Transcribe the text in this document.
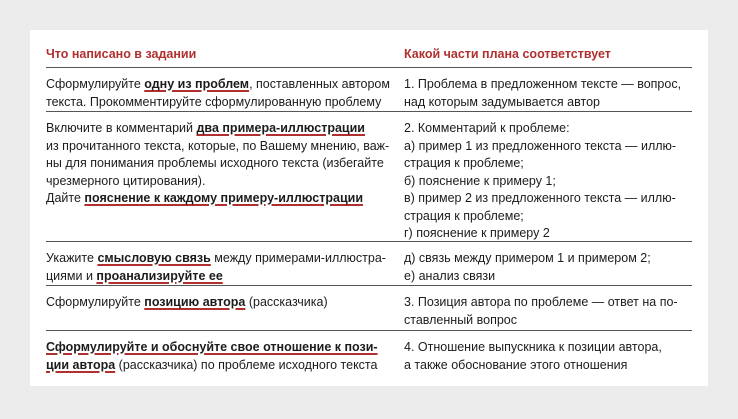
Что написано в задании	Какой части плана соответствует
Сформулируйте одну из проблем, поставленных автором
текста. Прокомментируйте сформулированную проблему
1. Проблема в предложенном тексте — вопрос,
над которым задумывается автор
Включите в комментарий два примера-иллюстрации
из прочитанного текста, которые, по Вашему мнению, важ-
ны для понимания проблемы исходного текста (избегайте
чрезмерного цитирования).
Дайте пояснение к каждому примеру-иллюстрации
2. Комментарий к проблеме:
а) пример 1 из предложенного текста — иллю-
страция к проблеме;
б) пояснение к примеру 1;
в) пример 2 из предложенного текста — иллю-
страция к проблеме;
г) пояснение к примеру 2
Укажите смысловую связь между примерами-иллюстра-
циями и проанализируйте ее
д) связь между примером 1 и примером 2;
е) анализ связи
Сформулируйте позицию автора (рассказчика)	3. Позиция автора по проблеме — ответ на по-
ставленный вопрос
Сформулируйте и обоснуйте свое отношение к пози-
ции автора (рассказчика) по проблеме исходного текста
4. Отношение выпускника к позиции автора,
а также обоснование этого отношения
